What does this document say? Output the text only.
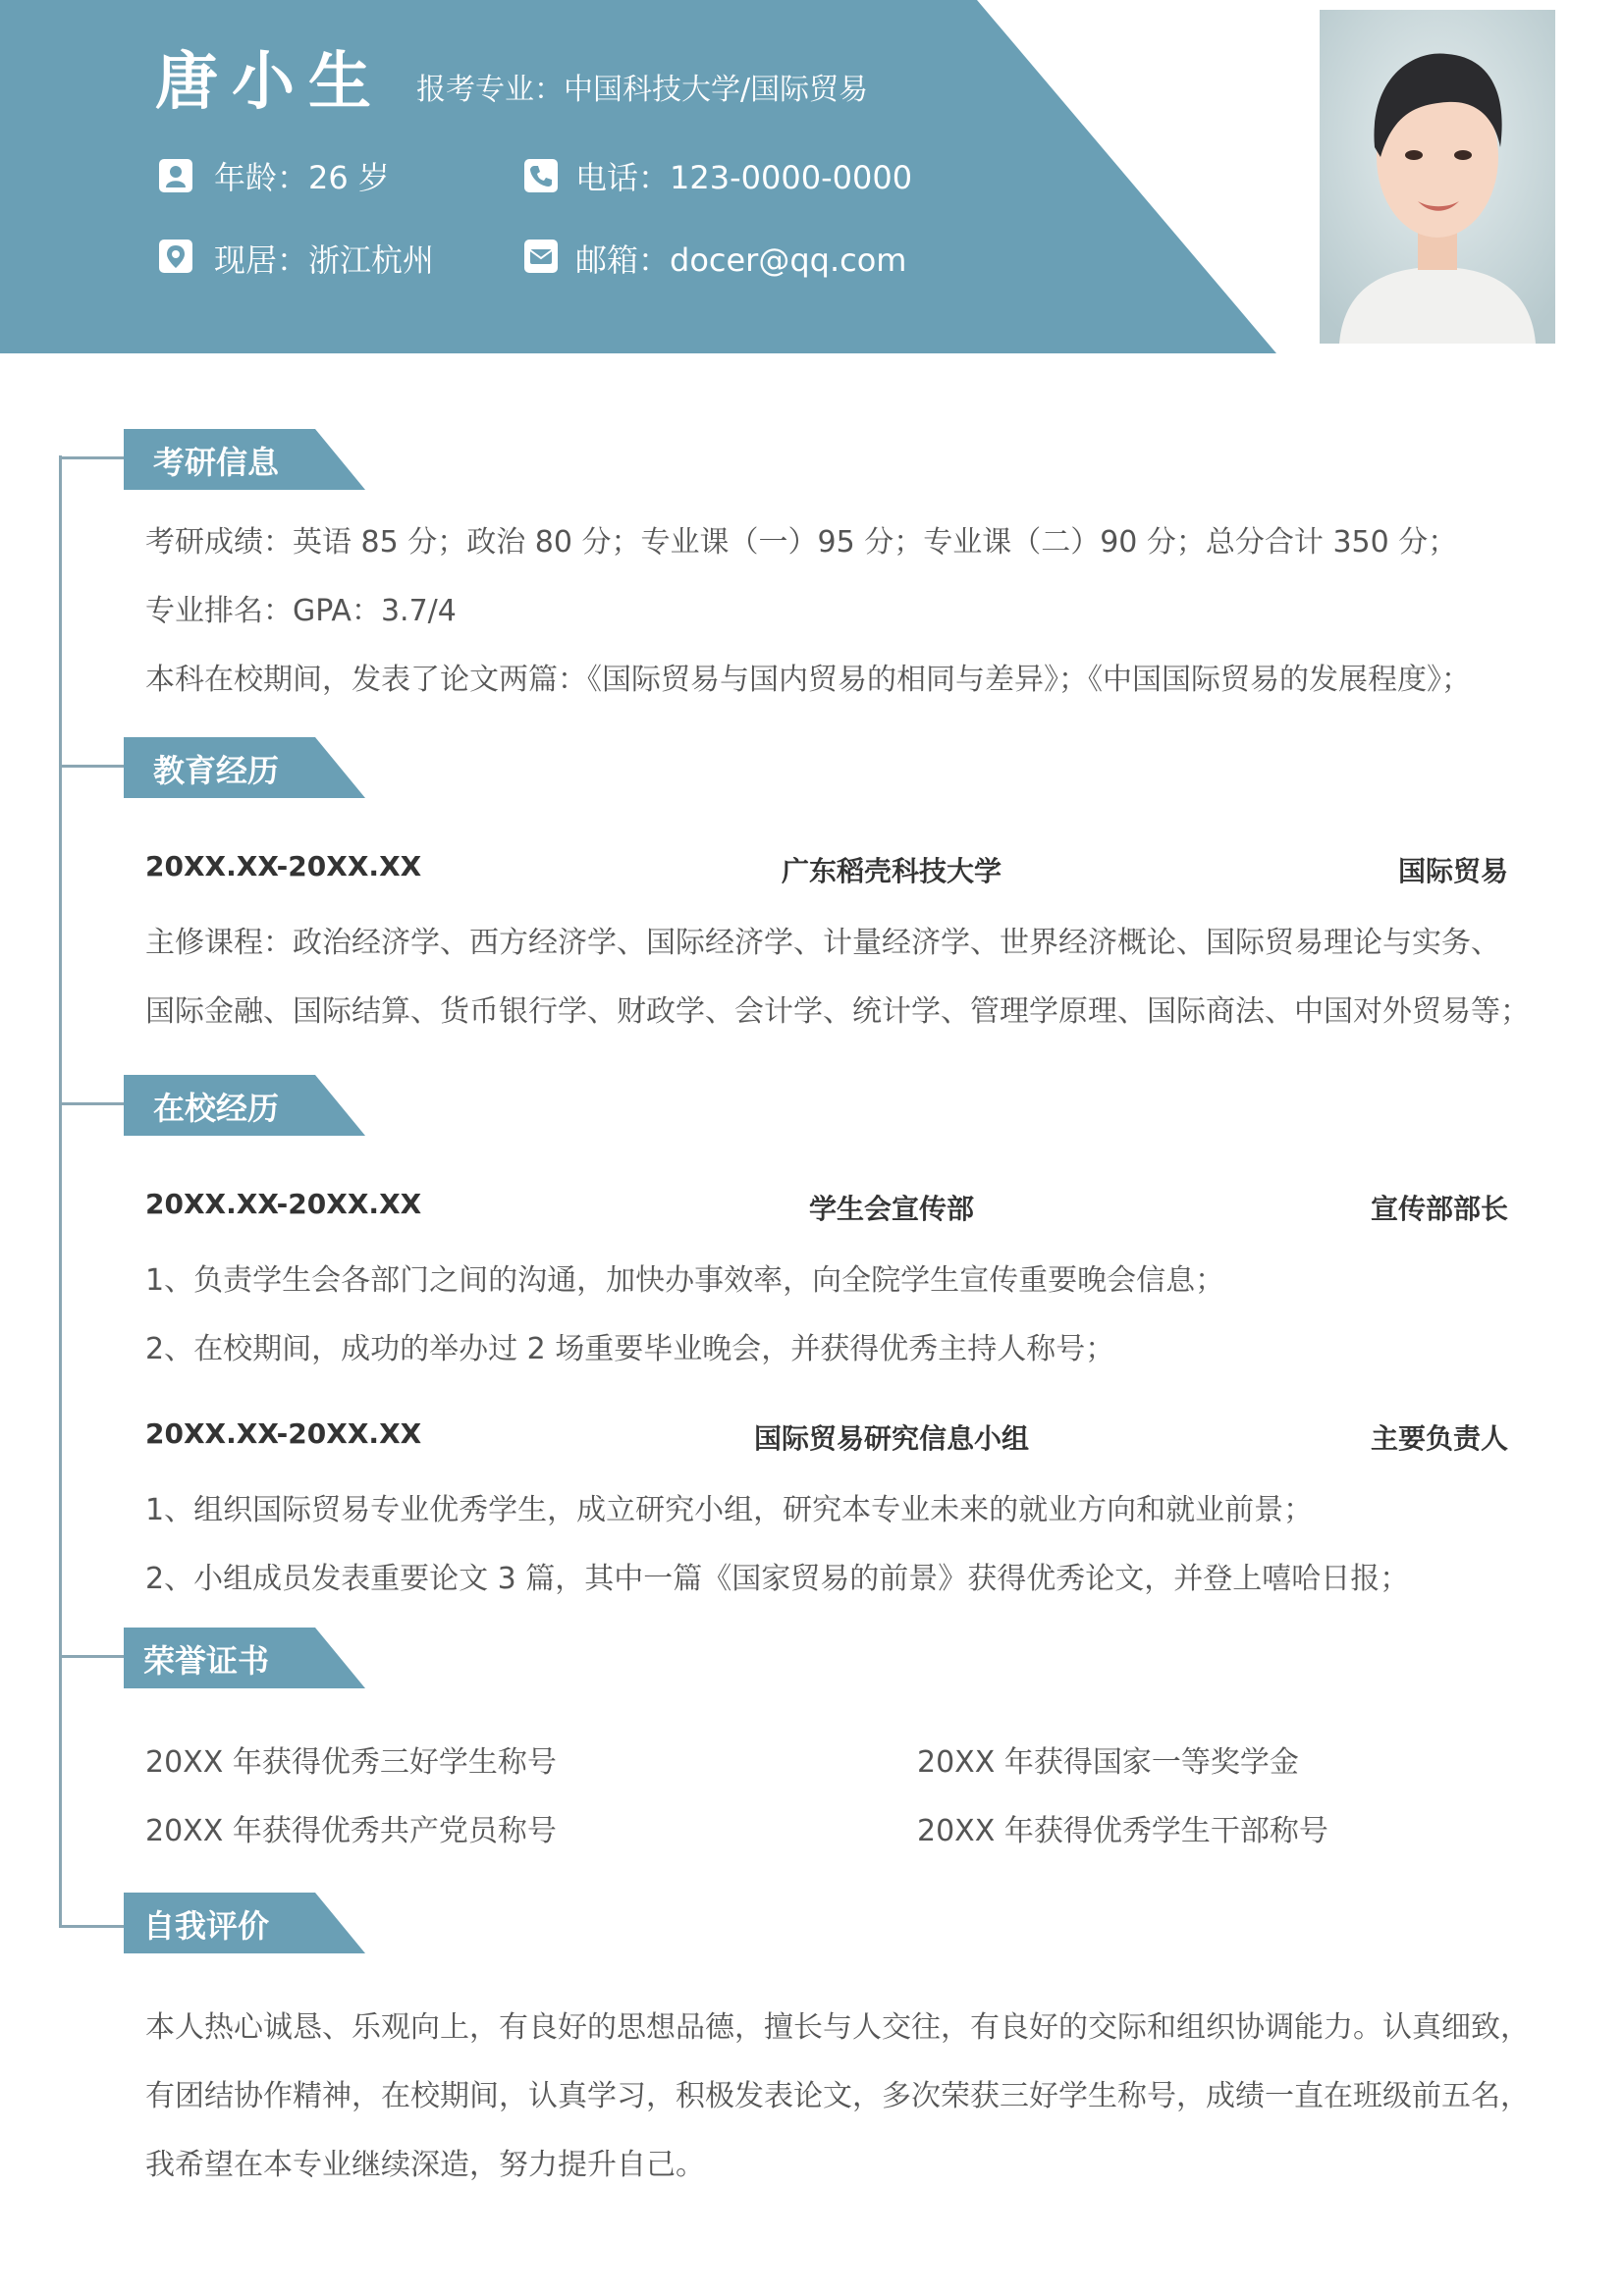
唐小生 报考专业：中国科技大学/国际贸易
年龄：26 岁	电话：123-0000-0000
现居：浙江杭州	邮箱：docer@qq.com
考研信息
考研成绩：英语 85 分；政治 80 分；专业课（一）95 分；专业课（二）90 分；总分合计 350 分；
专业排名：GPA：3.7/4
本科在校期间，发表了论文两篇：《国际贸易与国内贸易的相同与差异》；《中国国际贸易的发展程度》；
教育经历
20XX.XX-20XX.XX	广东稻壳科技大学	国际贸易
主修课程：政治经济学、西方经济学、国际经济学、计量经济学、世界经济概论、国际贸易理论与实务、
国际金融、国际结算、货币银行学、财政学、会计学、统计学、管理学原理、国际商法、中国对外贸易等；
在校经历
20XX.XX-20XX.XX	学生会宣传部	宣传部部长
1、负责学生会各部门之间的沟通，加快办事效率，向全院学生宣传重要晚会信息；
2、在校期间，成功的举办过 2 场重要毕业晚会，并获得优秀主持人称号；
20XX.XX-20XX.XX	国际贸易研究信息小组	主要负责人
1、组织国际贸易专业优秀学生，成立研究小组，研究本专业未来的就业方向和就业前景；
2、小组成员发表重要论文 3 篇，其中一篇《国家贸易的前景》获得优秀论文，并登上嘻哈日报；
荣誉证书
20XX 年获得优秀三好学生称号	20XX 年获得国家一等奖学金
20XX 年获得优秀共产党员称号	20XX 年获得优秀学生干部称号
自我评价
本人热心诚恳、乐观向上，有良好的思想品德，擅长与人交往，有良好的交际和组织协调能力。认真细致，
有团结协作精神，在校期间，认真学习，积极发表论文，多次荣获三好学生称号，成绩一直在班级前五名，
我希望在本专业继续深造，努力提升自己。
